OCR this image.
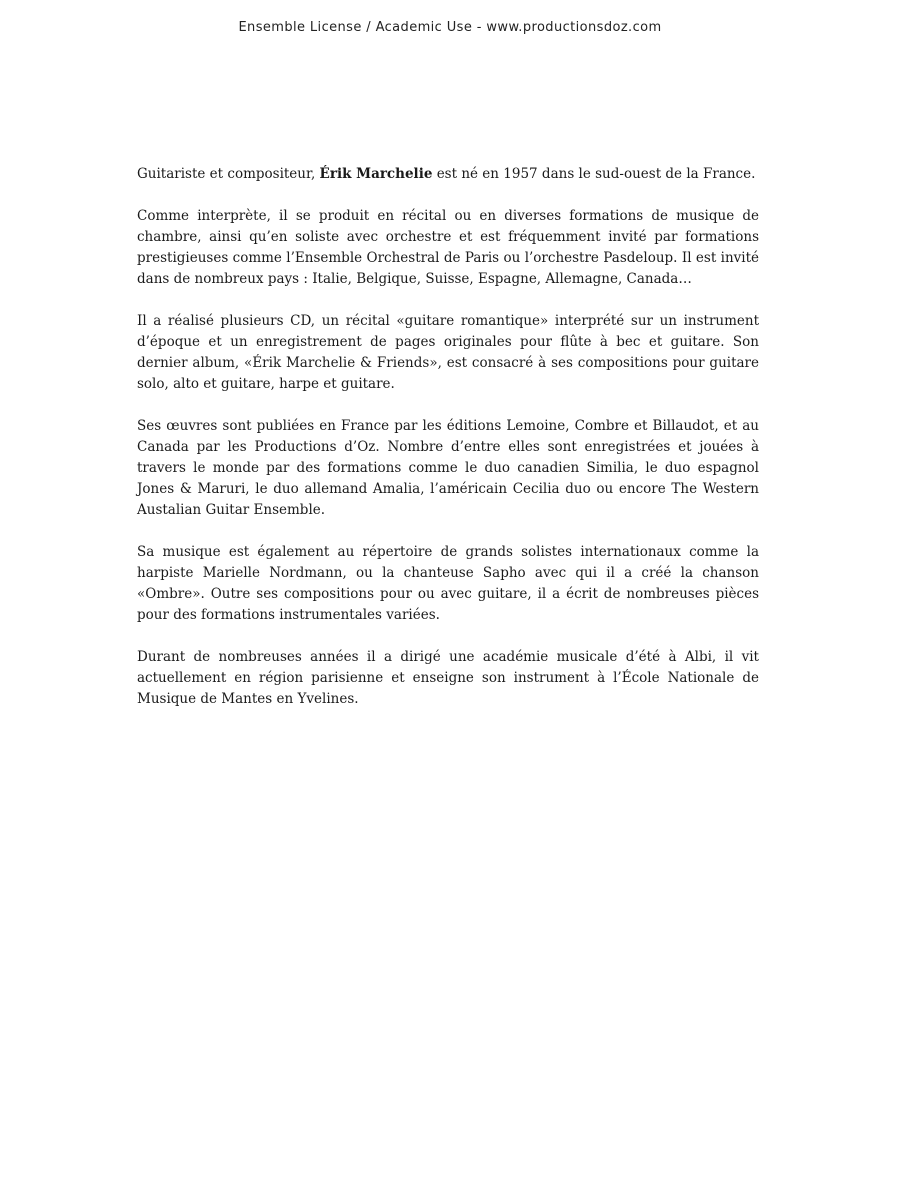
Ensemble License / Academic Use - www.productionsdoz.com

Guitariste et compositeur, Érik Marchelie est né en 1957 dans le sud-ouest de la France.

Comme interprète, il se produit en récital ou en diverses formations de musique de chambre, ainsi qu’en soliste avec orchestre et est fréquemment invité par formations prestigieuses comme l’Ensemble Orchestral de Paris ou l’orchestre Pasdeloup. Il est invité dans de nombreux pays : Italie, Belgique, Suisse, Espagne, Allemagne, Canada…

Il a réalisé plusieurs CD, un récital «guitare romantique» interprété sur un instrument d’époque et un enregistrement de pages originales pour flûte à bec et guitare. Son dernier album, «Érik Marchelie & Friends», est consacré à ses compositions pour guitare solo, alto et guitare, harpe et guitare.

Ses œuvres sont publiées en France par les éditions Lemoine, Combre et Billaudot, et au Canada par les Productions d’Oz. Nombre d’entre elles sont enregistrées et jouées à travers le monde par des formations comme le duo canadien Similia, le duo espagnol Jones & Maruri, le duo allemand Amalia, l’américain Cecilia duo ou encore The Western Austalian Guitar Ensemble.

Sa musique est également au répertoire de grands solistes internationaux comme la harpiste Marielle Nordmann, ou la chanteuse Sapho avec qui il a créé la chanson «Ombre». Outre ses compositions pour ou avec guitare, il a écrit de nombreuses pièces pour des formations instrumentales variées.

Durant de nombreuses années il a dirigé une académie musicale d’été à Albi, il vit actuellement en région parisienne et enseigne son instrument à l’École Nationale de Musique de Mantes en Yvelines.
